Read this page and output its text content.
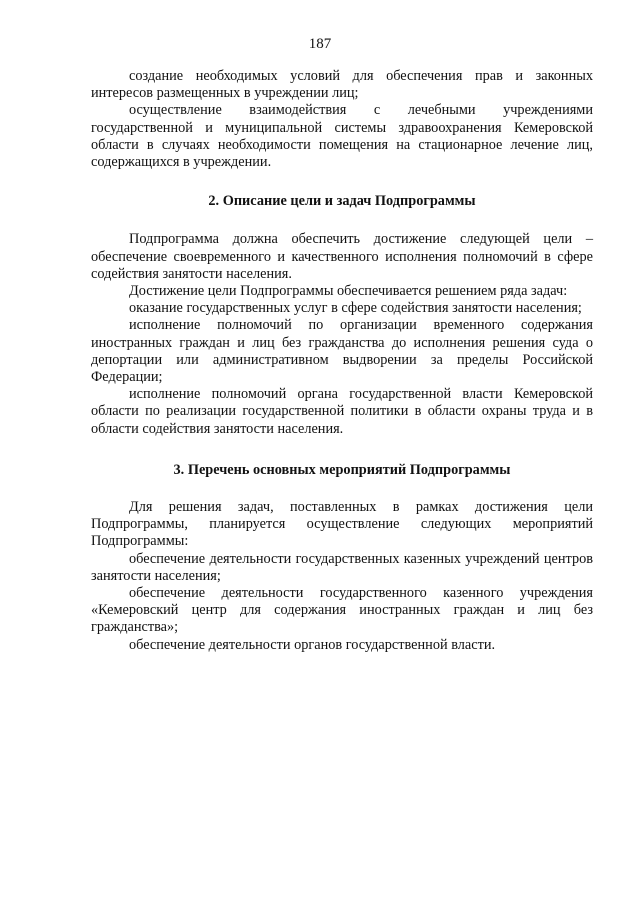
187

создание необходимых условий для обеспечения прав и законных интересов размещенных в учреждении лиц;

осуществление взаимодействия с лечебными учреждениями государственной и муниципальной системы здравоохранения Кемеровской области в случаях необходимости помещения на стационарное лечение лиц, содержащихся в учреждении.

2. Описание цели и задач Подпрограммы

Подпрограмма должна обеспечить достижение следующей цели – обеспечение своевременного и качественного исполнения полномочий в сфере содействия занятости населения.

Достижение цели Подпрограммы обеспечивается решением ряда задач:

оказание государственных услуг в сфере содействия занятости населения;

исполнение полномочий по организации временного содержания иностранных граждан и лиц без гражданства до исполнения решения суда о депортации или административном выдворении за пределы Российской Федерации;

исполнение полномочий органа государственной власти Кемеровской области по реализации государственной политики в области охраны труда и в области содействия занятости населения.

3. Перечень основных мероприятий Подпрограммы

Для решения задач, поставленных в рамках достижения цели Подпрограммы, планируется осуществление следующих мероприятий Подпрограммы:

обеспечение деятельности государственных казенных учреждений центров занятости населения;

обеспечение деятельности государственного казенного учреждения «Кемеровский центр для содержания иностранных граждан и лиц без гражданства»;

обеспечение деятельности органов государственной власти.
